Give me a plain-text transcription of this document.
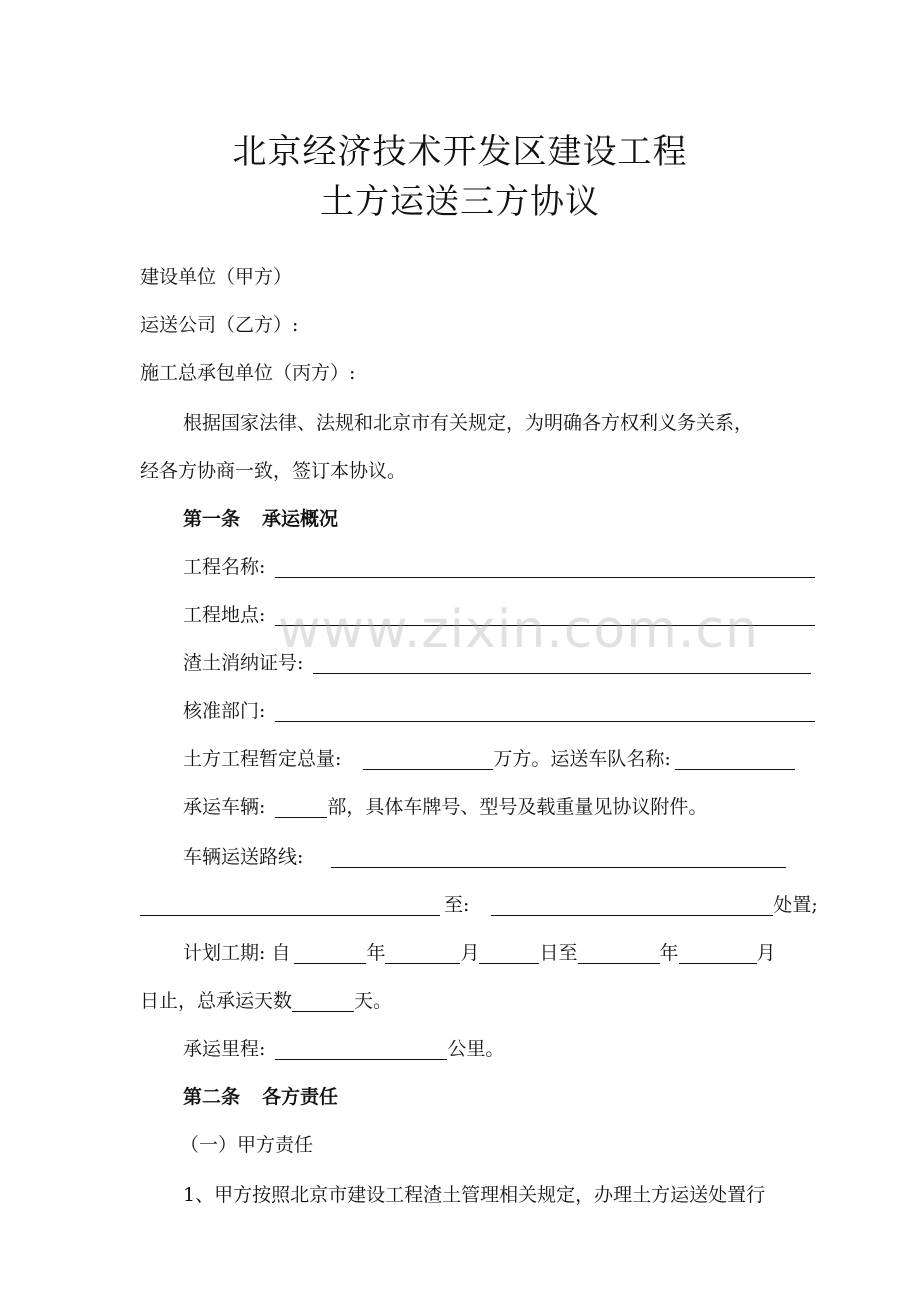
北京经济技术开发区建设工程
土方运送三方协议
建设单位（甲方）
运送公司（乙方）:
施工总承包单位（丙方）:
根据国家法律、法规和北京市有关规定，为明确各方权利义务关系，
经各方协商一致，签订本协议。
第一条 承运概况
工程名称:
工程地点:
渣土消纳证号:
核准部门:
土方工程暂定总量:	万方。运送车队名称:
承运车辆:	部，具体车牌号、型号及载重量见协议附件。
车辆运送路线:
至:	处置;
计划工期: 自	年	月	日至	年	月
日止，总承运天数	天。
承运里程:	公里。
第二条 各方责任
（一）甲方责任
1、甲方按照北京市建设工程渣土管理相关规定，办理土方运送处置行
www.zixin.com.cn
